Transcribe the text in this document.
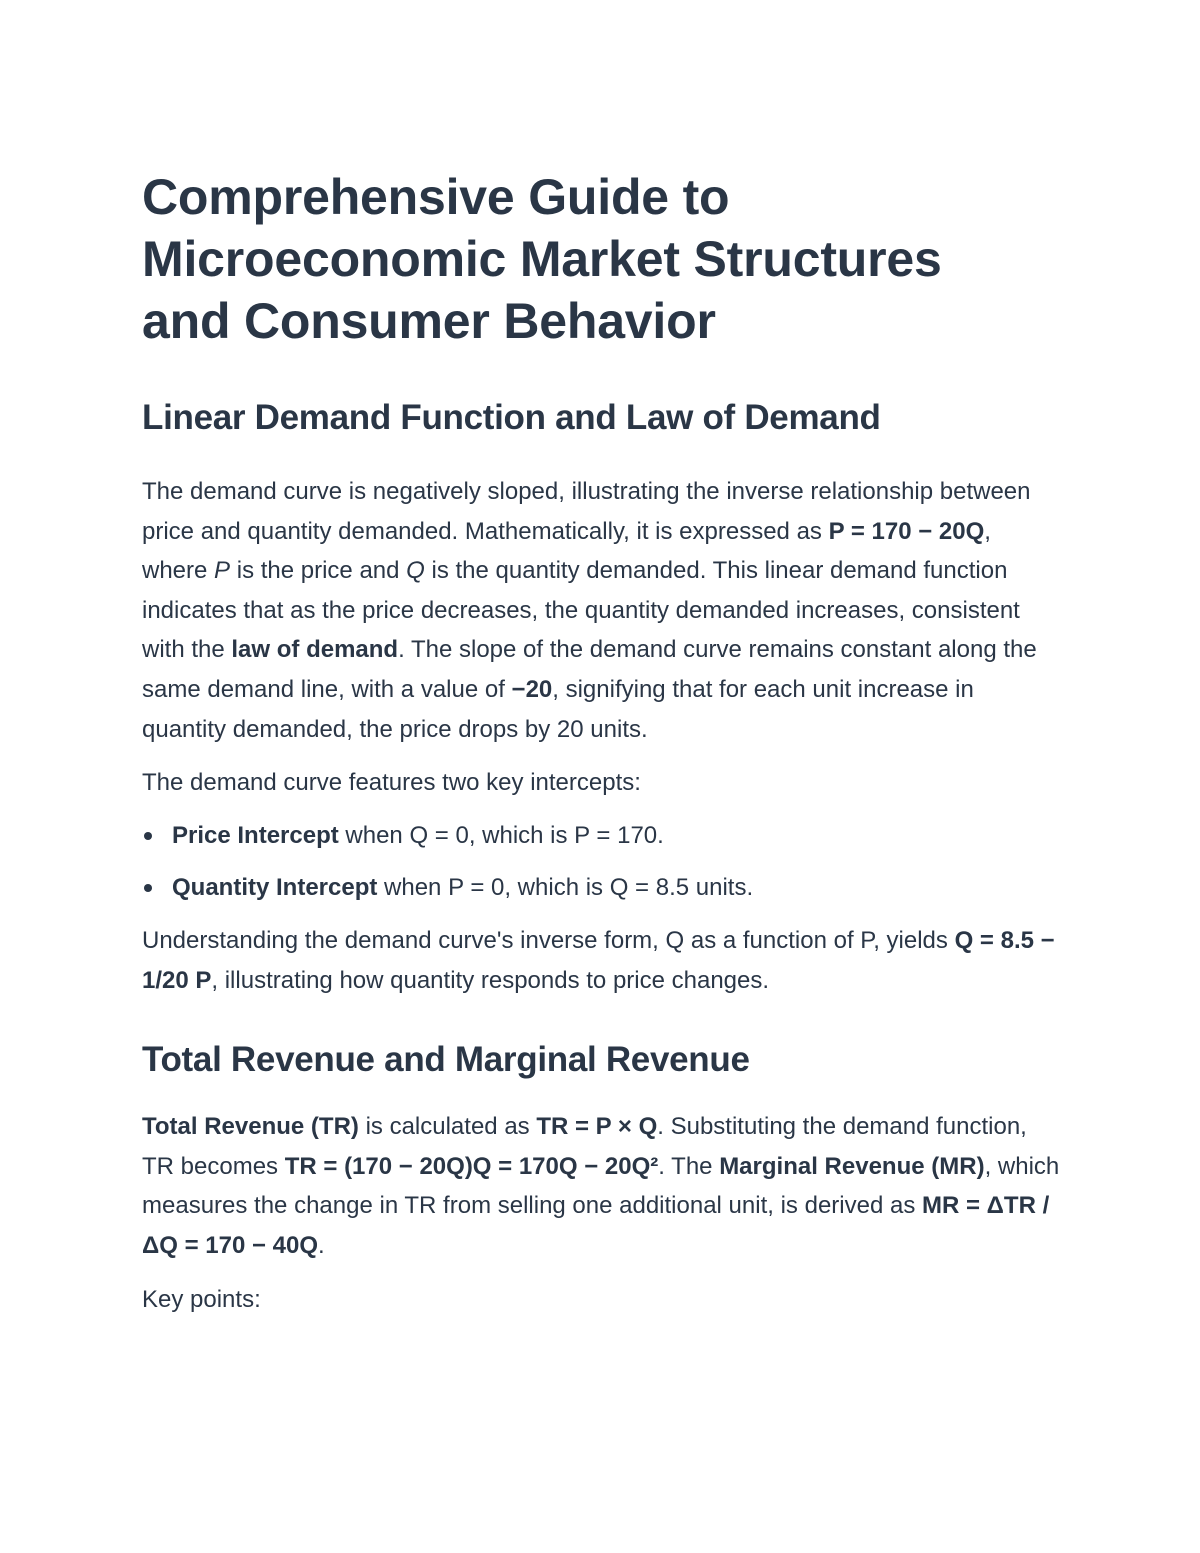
Comprehensive Guide to Microeconomic Market Structures and Consumer Behavior
Linear Demand Function and Law of Demand

The demand curve is negatively sloped, illustrating the inverse relationship between price and quantity demanded. Mathematically, it is expressed as P = 170 − 20Q, where P is the price and Q is the quantity demanded. This linear demand function indicates that as the price decreases, the quantity demanded increases, consistent with the law of demand. The slope of the demand curve remains constant along the same demand line, with a value of −20, signifying that for each unit increase in quantity demanded, the price drops by 20 units.

The demand curve features two key intercepts:

Price Intercept when Q = 0, which is P = 170.
Quantity Intercept when P = 0, which is Q = 8.5 units.

Understanding the demand curve's inverse form, Q as a function of P, yields Q = 8.5 − 1/20 P, illustrating how quantity responds to price changes.

Total Revenue and Marginal Revenue

Total Revenue (TR) is calculated as TR = P × Q. Substituting the demand function, TR becomes TR = (170 − 20Q)Q = 170Q − 20Q². The Marginal Revenue (MR), which measures the change in TR from selling one additional unit, is derived as MR = ΔTR / ΔQ = 170 − 40Q.

Key points:
